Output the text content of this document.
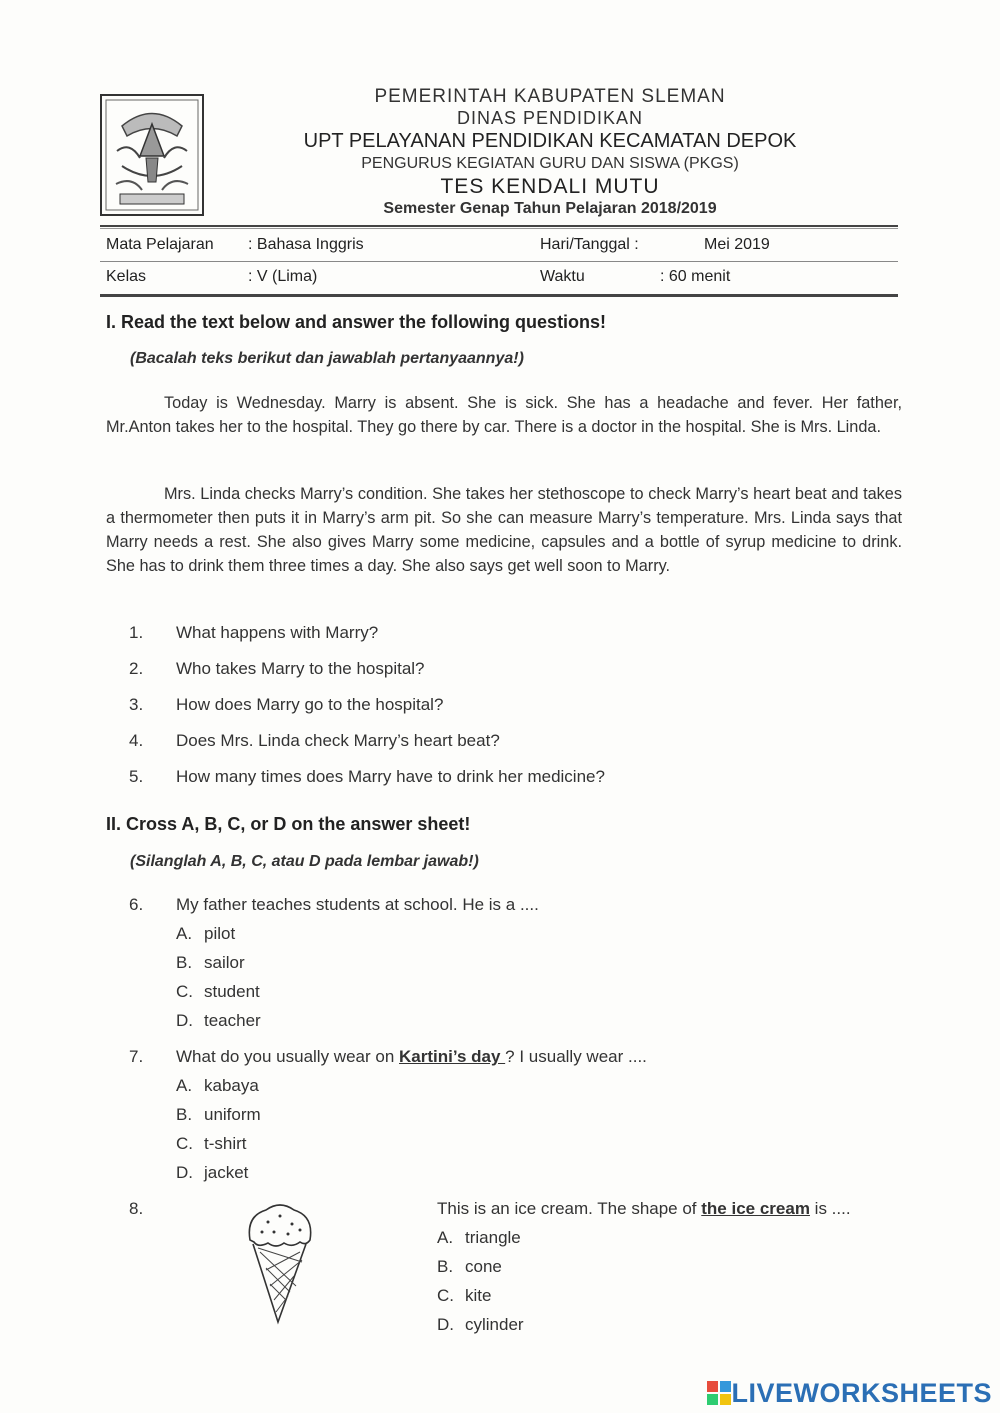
PEMERINTAH KABUPATEN SLEMAN
DINAS PENDIDIKAN
UPT PELAYANAN PENDIDIKAN KECAMATAN DEPOK
PENGURUS KEGIATAN GURU DAN SISWA (PKGS)
TES KENDALI MUTU
Semester Genap Tahun Pelajaran 2018/2019
Mata Pelajaran : Bahasa Inggris	Hari/Tanggal :	Mei 2019
Kelas	: V (Lima)	Waktu	: 60 menit
I. Read the text below and answer the following questions!
(Bacalah teks berikut dan jawablah pertanyaannya!)
Today is Wednesday. Marry is absent. She is sick. She has a headache and fever. Her father, Mr.Anton takes her to the hospital. They go there by car. There is a doctor in the hospital. She is Mrs. Linda.
Mrs. Linda checks Marry’s condition. She takes her stethoscope to check Marry’s heart beat and takes a thermometer then puts it in Marry’s arm pit. So she can measure Marry’s temperature. Mrs. Linda says that Marry needs a rest. She also gives Marry some medicine, capsules and a bottle of syrup medicine to drink. She has to drink them three times a day. She also says get well soon to Marry.
1. What happens with Marry?
2. Who takes Marry to the hospital?
3. How does Marry go to the hospital?
4. Does Mrs. Linda check Marry’s heart beat?
5. How many times does Marry have to drink her medicine?
II. Cross A, B, C, or D on the answer sheet!
(Silanglah A, B, C, atau D pada lembar jawab!)
6. My father teaches students at school. He is a ....
A. pilot
B. sailor
C. student
D. teacher
7. What do you usually wear on Kartini’s day ? I usually wear ....
A. kabaya
B. uniform
C. t-shirt
D. jacket
8.	This is an ice cream. The shape of the ice cream is ....
A. triangle
B. cone
C. kite
D. cylinder
LIVEWORKSHEETS
